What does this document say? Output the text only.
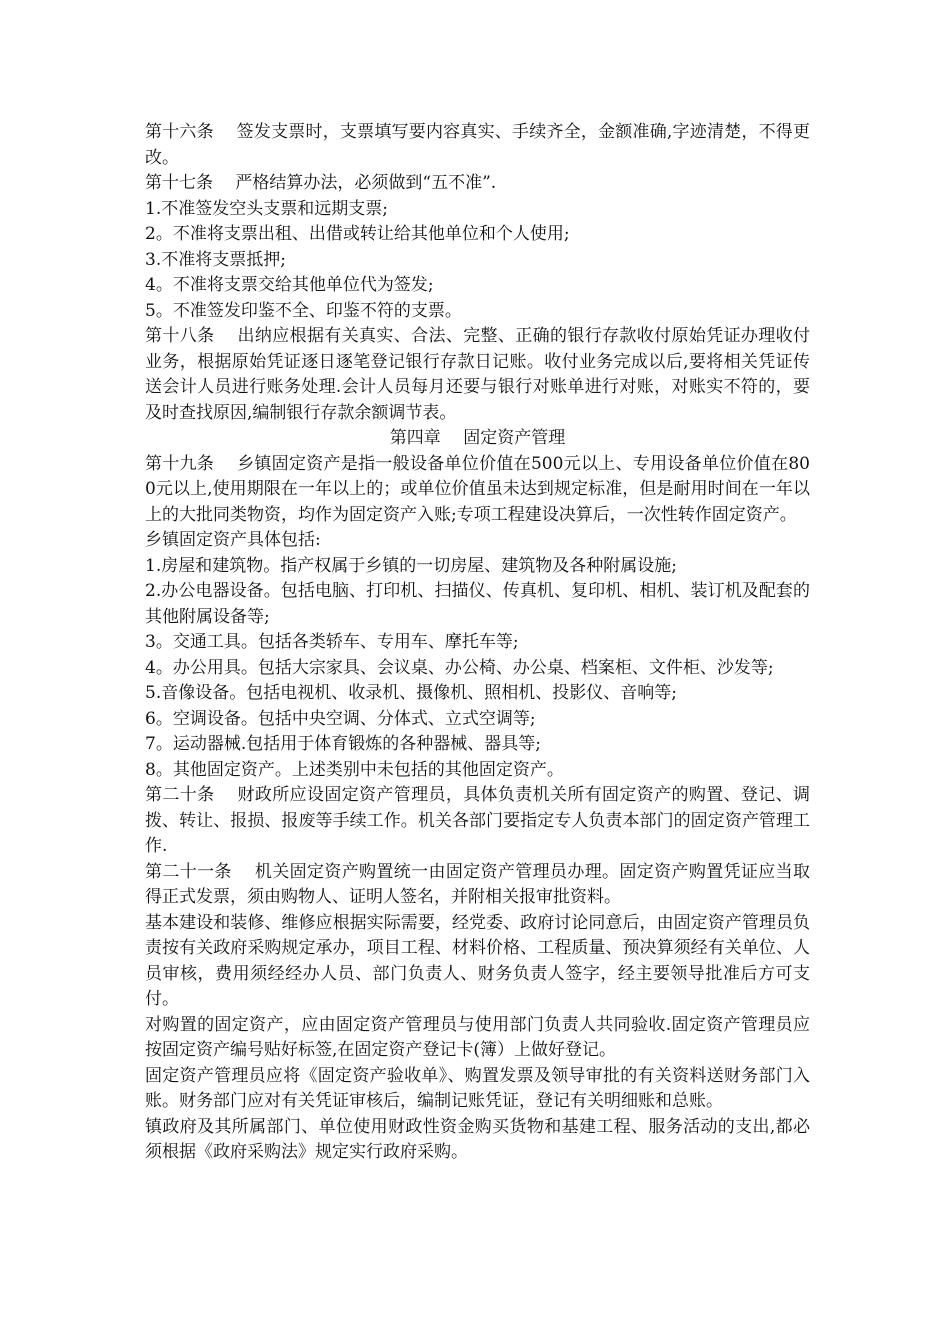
第十六条　 签发支票时，支票填写要内容真实、手续齐全，金额准确,字迹清楚，不得更改。

第十七条　 严格结算办法，必须做到“五不准”.

1.不准签发空头支票和远期支票;

2。不准将支票出租、出借或转让给其他单位和个人使用;

3.不准将支票抵押;

4。不准将支票交给其他单位代为签发;

5。不准签发印鉴不全、印鉴不符的支票。

第十八条　 出纳应根据有关真实、合法、完整、正确的银行存款收付原始凭证办理收付业务，根据原始凭证逐日逐笔登记银行存款日记账。收付业务完成以后,要将相关凭证传送会计人员进行账务处理.会计人员每月还要与银行对账单进行对账，对账实不符的，要及时查找原因,编制银行存款余额调节表。

第四章　 固定资产管理

第十九条　 乡镇固定资产是指一般设备单位价值在500元以上、专用设备单位价值在800元以上,使用期限在一年以上的；或单位价值虽未达到规定标准，但是耐用时间在一年以上的大批同类物资，均作为固定资产入账;专项工程建设决算后，一次性转作固定资产。

乡镇固定资产具体包括:

1.房屋和建筑物。指产权属于乡镇的一切房屋、建筑物及各种附属设施;

2.办公电器设备。包括电脑、打印机、扫描仪、传真机、复印机、相机、装订机及配套的其他附属设备等;

3。交通工具。包括各类轿车、专用车、摩托车等;

4。办公用具。包括大宗家具、会议桌、办公椅、办公桌、档案柜、文件柜、沙发等;

5.音像设备。包括电视机、收录机、摄像机、照相机、投影仪、音响等;

6。空调设备。包括中央空调、分体式、立式空调等;

7。运动器械.包括用于体育锻炼的各种器械、器具等;

8。其他固定资产。上述类别中未包括的其他固定资产。

第二十条　 财政所应设固定资产管理员，具体负责机关所有固定资产的购置、登记、调拨、转让、报损、报废等手续工作。机关各部门要指定专人负责本部门的固定资产管理工作.

第二十一条　 机关固定资产购置统一由固定资产管理员办理。固定资产购置凭证应当取得正式发票，须由购物人、证明人签名，并附相关报审批资料。

基本建设和装修、维修应根据实际需要，经党委、政府讨论同意后，由固定资产管理员负责按有关政府采购规定承办，项目工程、材料价格、工程质量、预决算须经有关单位、人员审核，费用须经经办人员、部门负责人、财务负责人签字，经主要领导批准后方可支付。

对购置的固定资产，应由固定资产管理员与使用部门负责人共同验收.固定资产管理员应按固定资产编号贴好标签,在固定资产登记卡(簿）上做好登记。

固定资产管理员应将《固定资产验收单》、购置发票及领导审批的有关资料送财务部门入账。财务部门应对有关凭证审核后，编制记账凭证，登记有关明细账和总账。

镇政府及其所属部门、单位使用财政性资金购买货物和基建工程、服务活动的支出,都必须根据《政府采购法》规定实行政府采购。
